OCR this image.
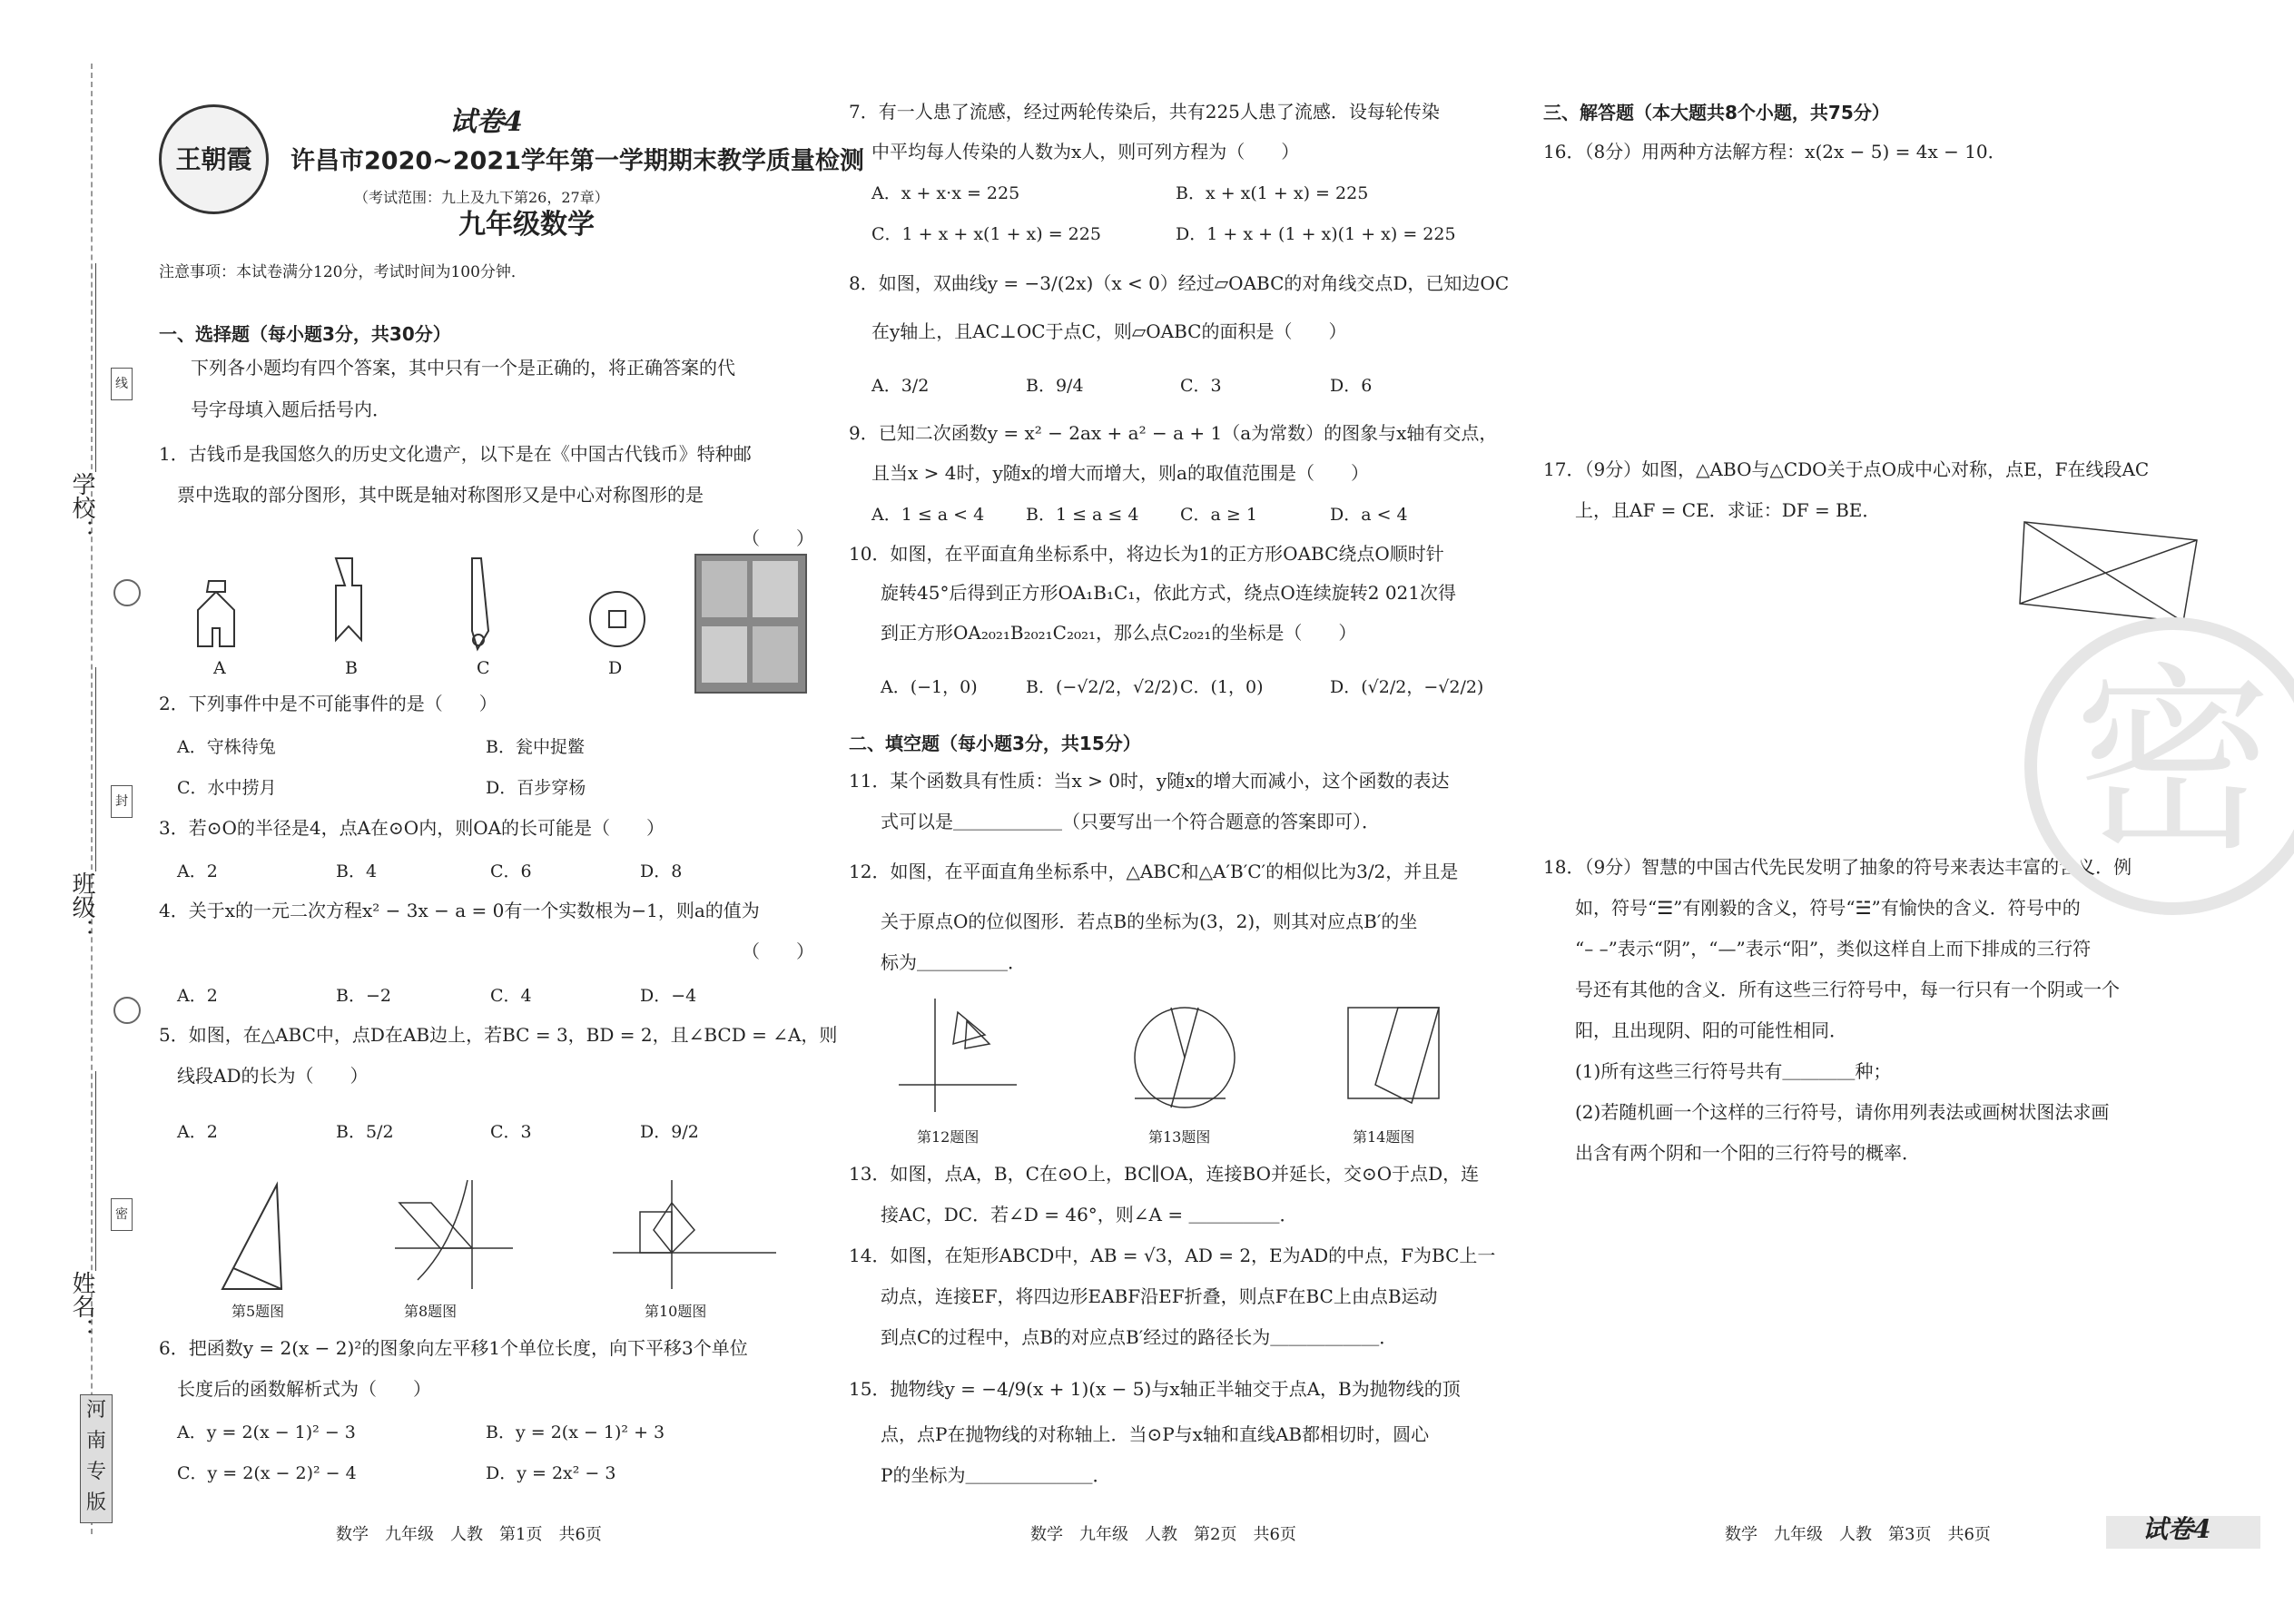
学校：
班级：
姓名：
线
封
密
河
南
专
版
王朝霞
试卷4
许昌市2020~2021学年第一学期期末教学质量检测
（考试范围：九上及九下第26，27章）
九年级数学
注意事项：本试卷满分120分，考试时间为100分钟．
一、选择题（每小题3分，共30分）
下列各小题均有四个答案，其中只有一个是正确的，将正确答案的代
号字母填入题后括号内．
1．古钱币是我国悠久的历史文化遗产，以下是在《中国古代钱币》特种邮
票中选取的部分图形，其中既是轴对称图形又是中心对称图形的是
（　　）
A	B	C	D
2．下列事件中是不可能事件的是（　　）
A．守株待兔	B．瓮中捉鳖
C．水中捞月	D．百步穿杨
3．若⊙O的半径是4，点A在⊙O内，则OA的长可能是（　　）
A．2	B．4	C．6	D．8
4．关于x的一元二次方程x² − 3x − a = 0有一个实数根为−1，则a的值为
（　　）
A．2	B．−2	C．4	D．−4
5．如图，在△ABC中，点D在AB边上，若BC = 3，BD = 2，且∠BCD = ∠A，则
线段AD的长为（　　）
A．2	B．5/2	C．3	D．9/2
第5题图	第8题图	第10题图
6．把函数y = 2(x − 2)²的图象向左平移1个单位长度，向下平移3个单位
长度后的函数解析式为（　　）
A．y = 2(x − 1)² − 3	B．y = 2(x − 1)² + 3
C．y = 2(x − 2)² − 4	D．y = 2x² − 3
数学　九年级　人教　第1页　共6页
7．有一人患了流感，经过两轮传染后，共有225人患了流感．设每轮传染
中平均每人传染的人数为x人，则可列方程为（　　）
A．x + x·x = 225	B．x + x(1 + x) = 225
C．1 + x + x(1 + x) = 225	D．1 + x + (1 + x)(1 + x) = 225
8．如图，双曲线y = −3/(2x)（x < 0）经过▱OABC的对角线交点D，已知边OC
在y轴上，且AC⊥OC于点C，则▱OABC的面积是（　　）
A．3/2	B．9/4	C．3	D．6
9．已知二次函数y = x² − 2ax + a² − a + 1（a为常数）的图象与x轴有交点，
且当x > 4时，y随x的增大而增大，则a的取值范围是（　　）
A．1 ≤ a < 4 B．1 ≤ a ≤ 4 C．a ≥ 1	D．a < 4
10．如图，在平面直角坐标系中，将边长为1的正方形OABC绕点O顺时针
旋转45°后得到正方形OA₁B₁C₁，依此方式，绕点O连续旋转2 021次得
到正方形OA₂₀₂₁B₂₀₂₁C₂₀₂₁，那么点C₂₀₂₁的坐标是（　　）
A．(−1，0)	B．(−√2/2，√2/2) C．(1，0)	D．(√2/2，−√2/2)
二、填空题（每小题3分，共15分）
11．某个函数具有性质：当x > 0时，y随x的增大而减小，这个函数的表达
式可以是＿＿＿＿＿＿（只要写出一个符合题意的答案即可）．
12．如图，在平面直角坐标系中，△ABC和△A′B′C′的相似比为3/2，并且是
关于原点O的位似图形．若点B的坐标为(3，2)，则其对应点B′的坐
标为＿＿＿＿＿．
第12题图	第13题图	第14题图
13．如图，点A，B，C在⊙O上，BC∥OA，连接BO并延长，交⊙O于点D，连
接AC，DC．若∠D = 46°，则∠A = ＿＿＿＿＿．
14．如图，在矩形ABCD中，AB = √3，AD = 2，E为AD的中点，F为BC上一
动点，连接EF，将四边形EABF沿EF折叠，则点F在BC上由点B运动
到点C的过程中，点B的对应点B′经过的路径长为＿＿＿＿＿＿．
15．抛物线y = −4/9(x + 1)(x − 5)与x轴正半轴交于点A，B为抛物线的顶
点，点P在抛物线的对称轴上．当⊙P与x轴和直线AB都相切时，圆心
P的坐标为＿＿＿＿＿＿＿．
数学　九年级　人教　第2页　共6页
三、解答题（本大题共8个小题，共75分）
16．（8分）用两种方法解方程：x(2x − 5) = 4x − 10．
17．（9分）如图，△ABO与△CDO关于点O成中心对称，点E，F在线段AC
上，且AF = CE．求证：DF = BE．
18．（9分）智慧的中国古代先民发明了抽象的符号来表达丰富的含义．例
如，符号“☰”有刚毅的含义，符号“☱”有愉快的含义．符号中的
“– –”表示“阴”，“—”表示“阳”，类似这样自上而下排成的三行符
号还有其他的含义．所有这些三行符号中，每一行只有一个阴或一个
阳，且出现阴、阳的可能性相同．
(1)所有这些三行符号共有＿＿＿＿种；
(2)若随机画一个这样的三行符号，请你用列表法或画树状图法求画
出含有两个阴和一个阳的三行符号的概率．
密
数学　九年级　人教　第3页　共6页	试卷4
